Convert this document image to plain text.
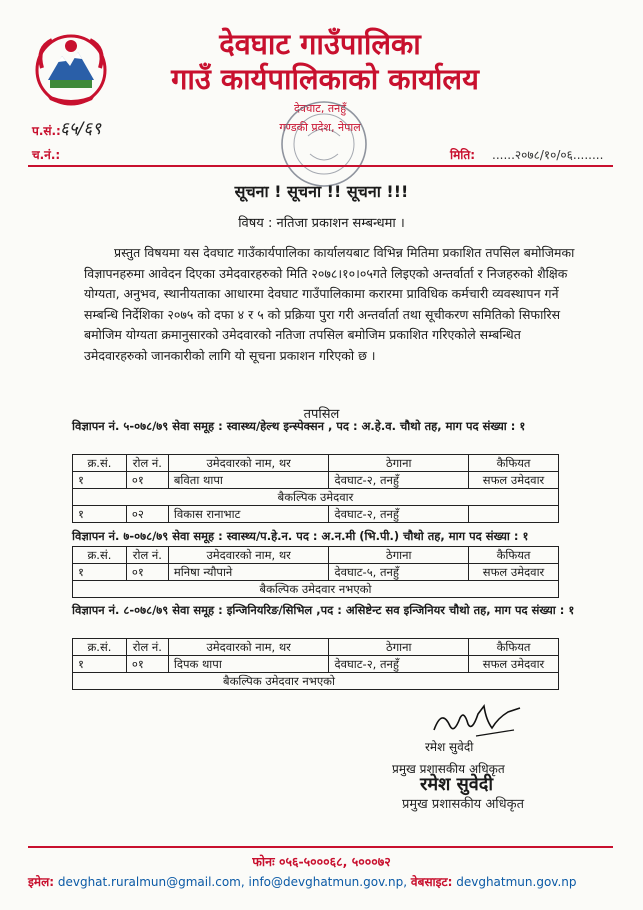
देवघाट गाउँपालिका
गाउँ कार्यपालिकाको कार्यालय
देवघाट, तनहुँ
गण्डकी प्रदेश, नेपाल
प.सं.: ६५/६९
च.नं.:	मिति: ......२०७८/१०/०६........
सूचना ! सूचना !! सूचना !!!
विषय : नतिजा प्रकाशन सम्बन्धमा ।
प्रस्तुत विषयमा यस देवघाट गाउँकार्यपालिका कार्यालयबाट विभिन्न मितिमा प्रकाशित तपसिल बमोजिमका विज्ञापनहरुमा आवेदन दिएका उमेदवारहरुको मिति २०७८।१०।०५गते लिइएको अन्तर्वार्ता र निजहरुको शैक्षिक योग्यता, अनुभव, स्थानीयताका आधारमा देवघाट गाउँपालिकामा करारमा प्राविधिक कर्मचारी व्यवस्थापन गर्ने सम्बन्धि निर्देशिका २०७५ को दफा ४ र ५ को प्रक्रिया पुरा गरी अन्तर्वार्ता तथा सूचीकरण समितिको सिफारिस बमोजिम योग्यता क्रमानुसारको उमेदवारको नतिजा तपसिल बमोजिम प्रकाशित गरिएकोले सम्बन्धित उमेदवारहरुको जानकारीको लागि यो सूचना प्रकाशन गरिएको छ ।
तपसिल
विज्ञापन नं. ५-०७८/७९ सेवा समूह : स्वास्थ्य/हेल्थ इन्स्पेक्सन , पद : अ.हे.व. चौथो तह, माग पद संख्या : १
क्र.सं.	रोल नं.	उमेदवारको नाम, थर	ठेगाना	कैफियत
१	०१	बविता थापा	देवघाट-२, तनहुँ	सफल उमेदवार
बैकल्पिक उमेदवार				
१	०२	विकास रानाभाट	देवघाट-२, तनहुँ	
विज्ञापन नं. ७-०७८/७९ सेवा समूह : स्वास्थ्य/प.हे.न. पद : अ.न.मी (भि.पी.) चौथो तह, माग पद संख्या : १
क्र.सं.	रोल नं.	उमेदवारको नाम, थर	ठेगाना	कैफियत
१	०१	मनिषा न्यौपाने	देवघाट-५, तनहुँ	सफल उमेदवार
बैकल्पिक उमेदवार नभएको				
विज्ञापन नं. ८-०७८/७९ सेवा समूह : इन्जिनियरिङ/सिभिल ,पद : असिष्टेन्ट सव इन्जिनियर चौथो तह, माग पद संख्या : १
क्र.सं.	रोल नं.	उमेदवारको नाम, थर	ठेगाना	कैफियत
१	०१	दिपक थापा	देवघाट-२, तनहुँ	सफल उमेदवार
बैकल्पिक उमेदवार नभएको				
रमेश सुवेदी
प्रमुख प्रशासकीय अधिकृत
रमेश सुवेदी
प्रमुख प्रशासकीय अधिकृत
फोनः ०५६-५०००६८, ५०००७२
इमेल: devghat.ruralmun@gmail.com, info@devghatmun.gov.np, वेबसाइट: devghatmun.gov.np
